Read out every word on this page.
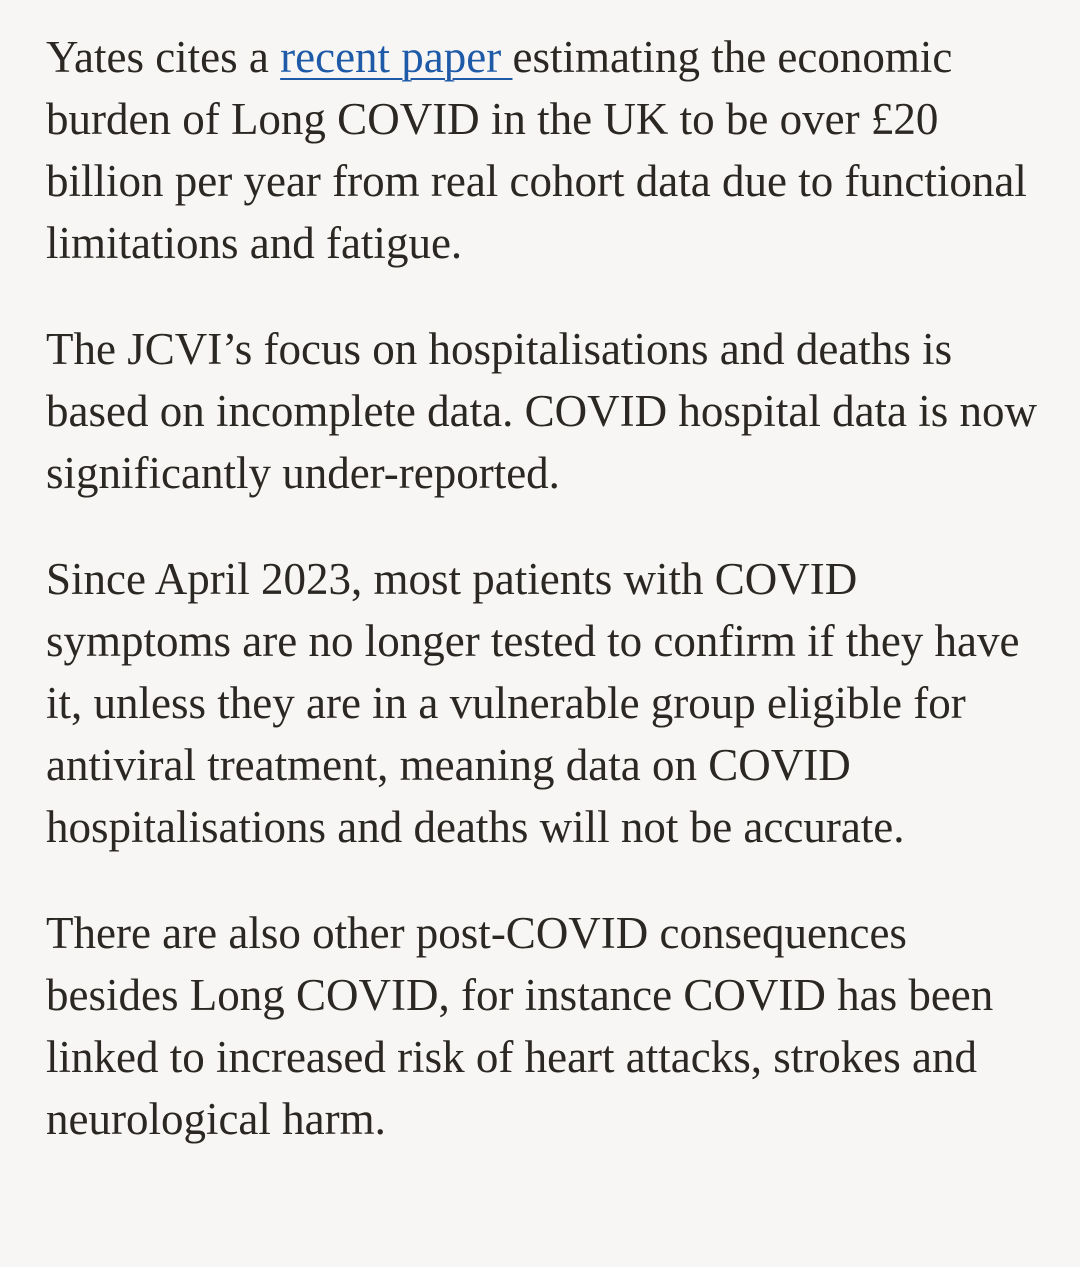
Yates cites a recent paper estimating the economic burden of Long COVID in the UK to be over £20 billion per year from real cohort data due to functional limitations and fatigue.

The JCVI’s focus on hospitalisations and deaths is based on incomplete data. COVID hospital data is now significantly under-reported.

Since April 2023, most patients with COVID symptoms are no longer tested to confirm if they have it, unless they are in a vulnerable group eligible for antiviral treatment, meaning data on COVID hospitalisations and deaths will not be accurate.

There are also other post-COVID consequences besides Long COVID, for instance COVID has been linked to increased risk of heart attacks, strokes and neurological harm.
